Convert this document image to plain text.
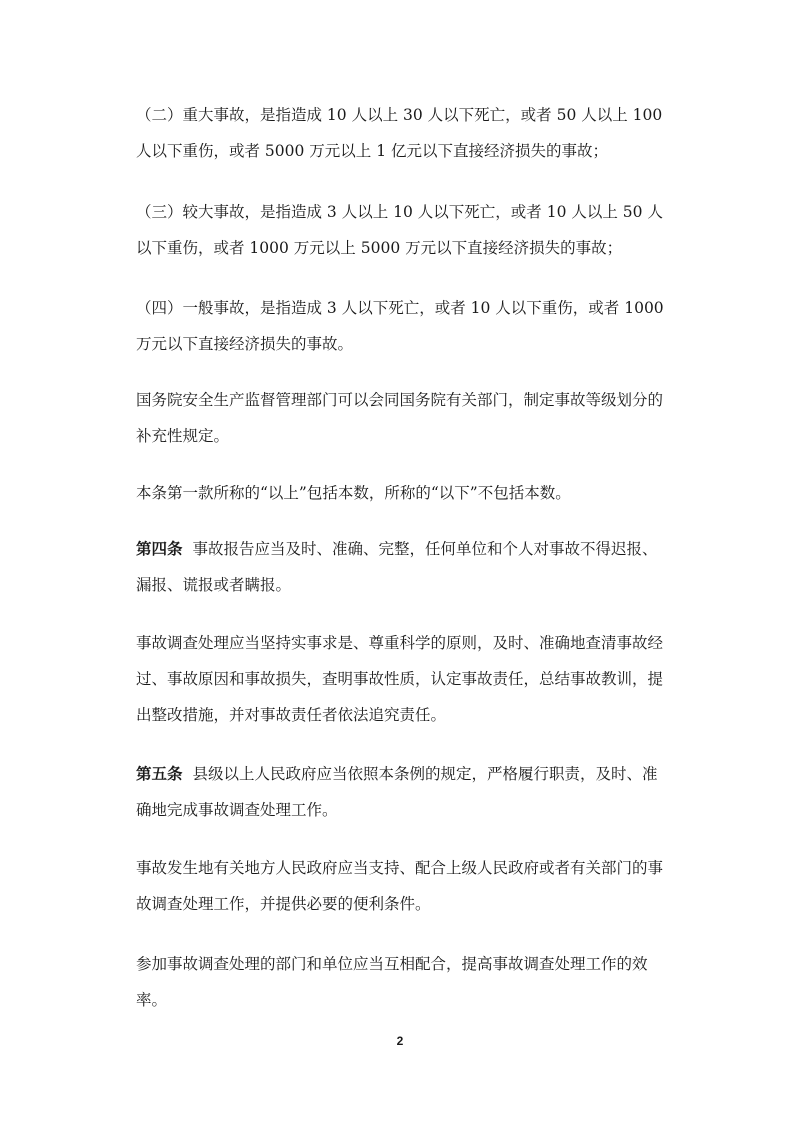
（二）重大事故，是指造成 10 人以上 30 人以下死亡，或者 50 人以上 100 人以下重伤，或者 5000 万元以上 1 亿元以下直接经济损失的事故；

（三）较大事故，是指造成 3 人以上 10 人以下死亡，或者 10 人以上 50 人以下重伤，或者 1000 万元以上 5000 万元以下直接经济损失的事故；

（四）一般事故，是指造成 3 人以下死亡，或者 10 人以下重伤，或者 1000 万元以下直接经济损失的事故。

国务院安全生产监督管理部门可以会同国务院有关部门，制定事故等级划分的补充性规定。

本条第一款所称的“以上”包括本数，所称的“以下”不包括本数。

第四条 事故报告应当及时、准确、完整，任何单位和个人对事故不得迟报、漏报、谎报或者瞒报。

事故调查处理应当坚持实事求是、尊重科学的原则，及时、准确地查清事故经过、事故原因和事故损失，查明事故性质，认定事故责任，总结事故教训，提出整改措施，并对事故责任者依法追究责任。

第五条 县级以上人民政府应当依照本条例的规定，严格履行职责，及时、准确地完成事故调查处理工作。

事故发生地有关地方人民政府应当支持、配合上级人民政府或者有关部门的事故调查处理工作，并提供必要的便利条件。

参加事故调查处理的部门和单位应当互相配合，提高事故调查处理工作的效率。

2
